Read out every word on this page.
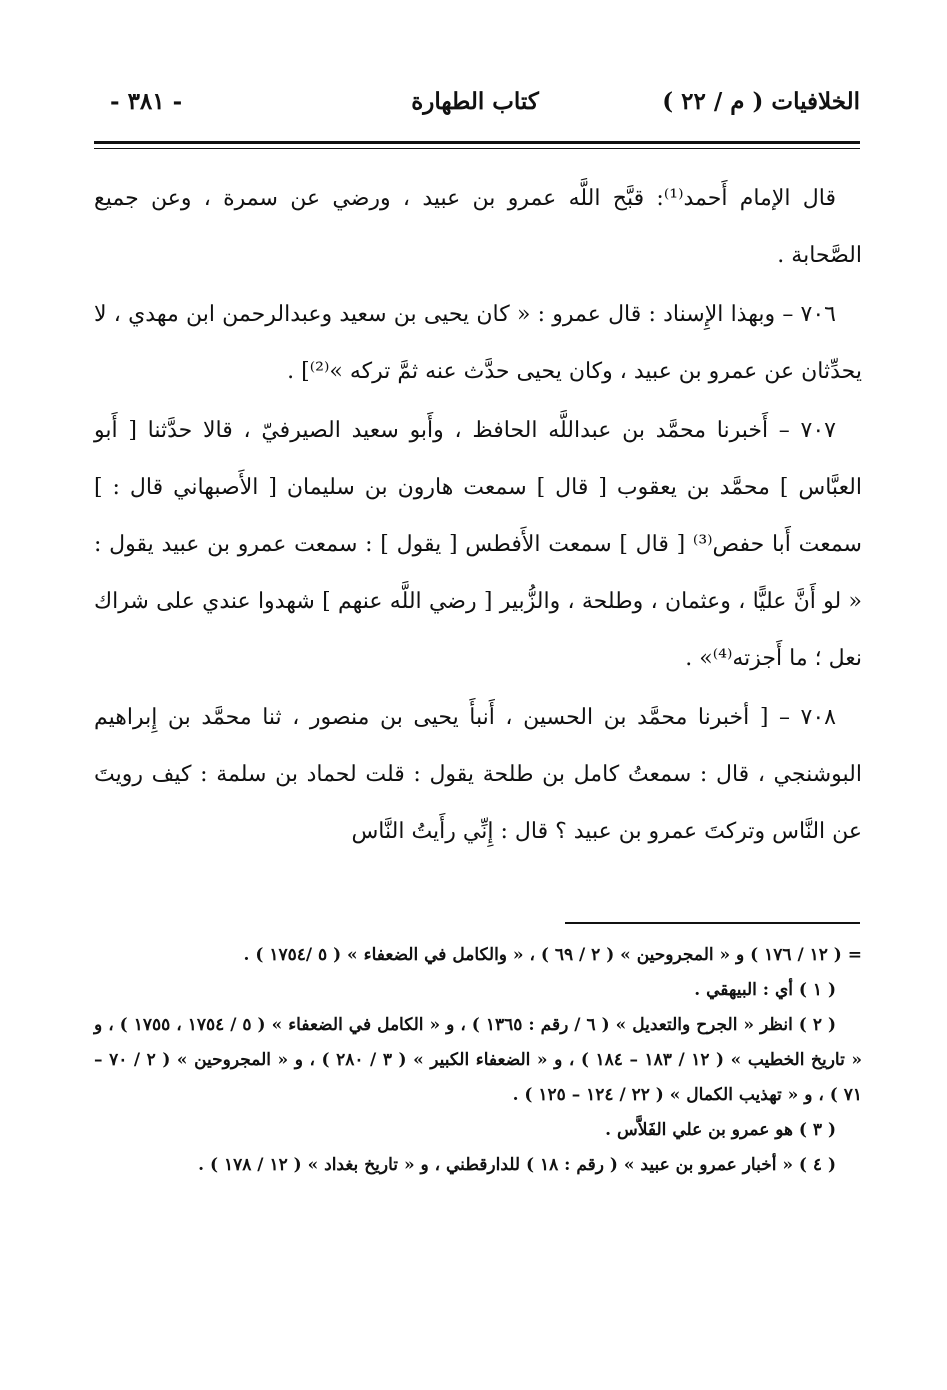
الخلافيات ( م / ٢٢ )
كتاب الطهارة
- ٣٨١ -

قال الإمام أَحمد⁽¹⁾: قبَّح اللَّه عمرو بن عبيد ، ورضي عن سمرة ، وعن جميع الصَّحابة .

٧٠٦ – وبهذا الإِسناد : قال عمرو : « كان يحيى بن سعيد وعبدالرحمن ابن مهدي ، لا يحدِّثان عن عمرو بن عبيد ، وكان يحيى حدَّث عنه ثمَّ تركه »⁽²⁾] .

٧٠٧ – أَخبرنا محمَّد بن عبداللَّه الحافظ ، وأَبو سعيد الصيرفيّ ، قالا حدَّثنا [ أَبو العبَّاس ] محمَّد بن يعقوب [ قال ] سمعت هارون بن سليمان [ الأَصبهاني قال : ] سمعت أَبا حفص⁽³⁾ [ قال ] سمعت الأَفطس [ يقول ] : سمعت عمرو بن عبيد يقول : « لو أَنَّ عليًّا ، وعثمان ، وطلحة ، والزُّبير [ رضي اللَّه عنهم ] شهدوا عندي على شراك نعل ؛ ما أَجزته⁽⁴⁾» .

٧٠٨ – [ أخبرنا محمَّد بن الحسين ، أَنبأَ يحيى بن منصور ، ثنا محمَّد بن إِبراهيم البوشنجي ، قال : سمعتُ كامل بن طلحة يقول : قلت لحماد بن سلمة : كيف رويتَ عن النَّاس وتركتَ عمرو بن عبيد ؟ قال : إِنِّي رأَيتُ النَّاس

= ( ١٢ / ١٧٦ ) و « المجروحين » ( ٢ / ٦٩ ) ، « والكامل في الضعفاء » ( ٥ /١٧٥٤ ) .

( ١ ) أي : البيهقي .

( ٢ ) انظر « الجرح والتعديل » ( ٦ / رقم : ١٣٦٥ ) ، و « الكامل في الضعفاء » ( ٥ / ١٧٥٤ ، ١٧٥٥ ) ، و « تاريخ الخطيب » ( ١٢ / ١٨٣ – ١٨٤ ) ، و « الضعفاء الكبير » ( ٣ / ٢٨٠ ) ، و « المجروحين » ( ٢ / ٧٠ – ٧١ ) ، و « تهذيب الكمال » ( ٢٢ / ١٢٤ – ١٢٥ ) .

( ٣ ) هو عمرو بن علي الفَلاَّس .

( ٤ ) « أخبار عمرو بن عبيد » ( رقم : ١٨ ) للدارقطني ، و « تاريخ بغداد » ( ١٢ / ١٧٨ ) .
